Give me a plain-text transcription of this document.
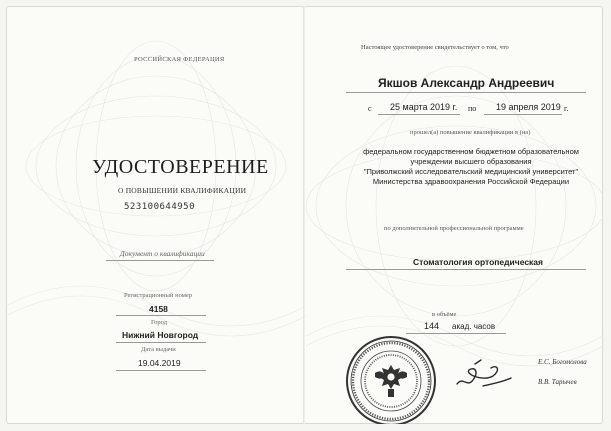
РОССИЙСКАЯ ФЕДЕРАЦИЯ
УДОСТОВЕРЕНИЕ
О ПОВЫШЕНИИ КВАЛИФИКАЦИИ
523100644950
Документ о квалификации
Регистрационный номер
4158
Город
Нижний Новгород
Дата выдачи
19.04.2019
Настоящее удостоверение свидетельствует о том, что
Якшов Александр Андреевич
с 25 марта 2019 г. по 19 апреля 2019 г.
прошел(а) повышение квалификации в (на)
федеральном государственном бюджетном образовательном
учреждении высшего образования
"Приволжский исследовательский медицинский университет"
Министерства здравоохранения Российской Федерации
по дополнительной профессиональной программе
Стоматология ортопедическая
в объёме
144 акад. часов
Е.С. Богомолова
В.В. Тарычев
